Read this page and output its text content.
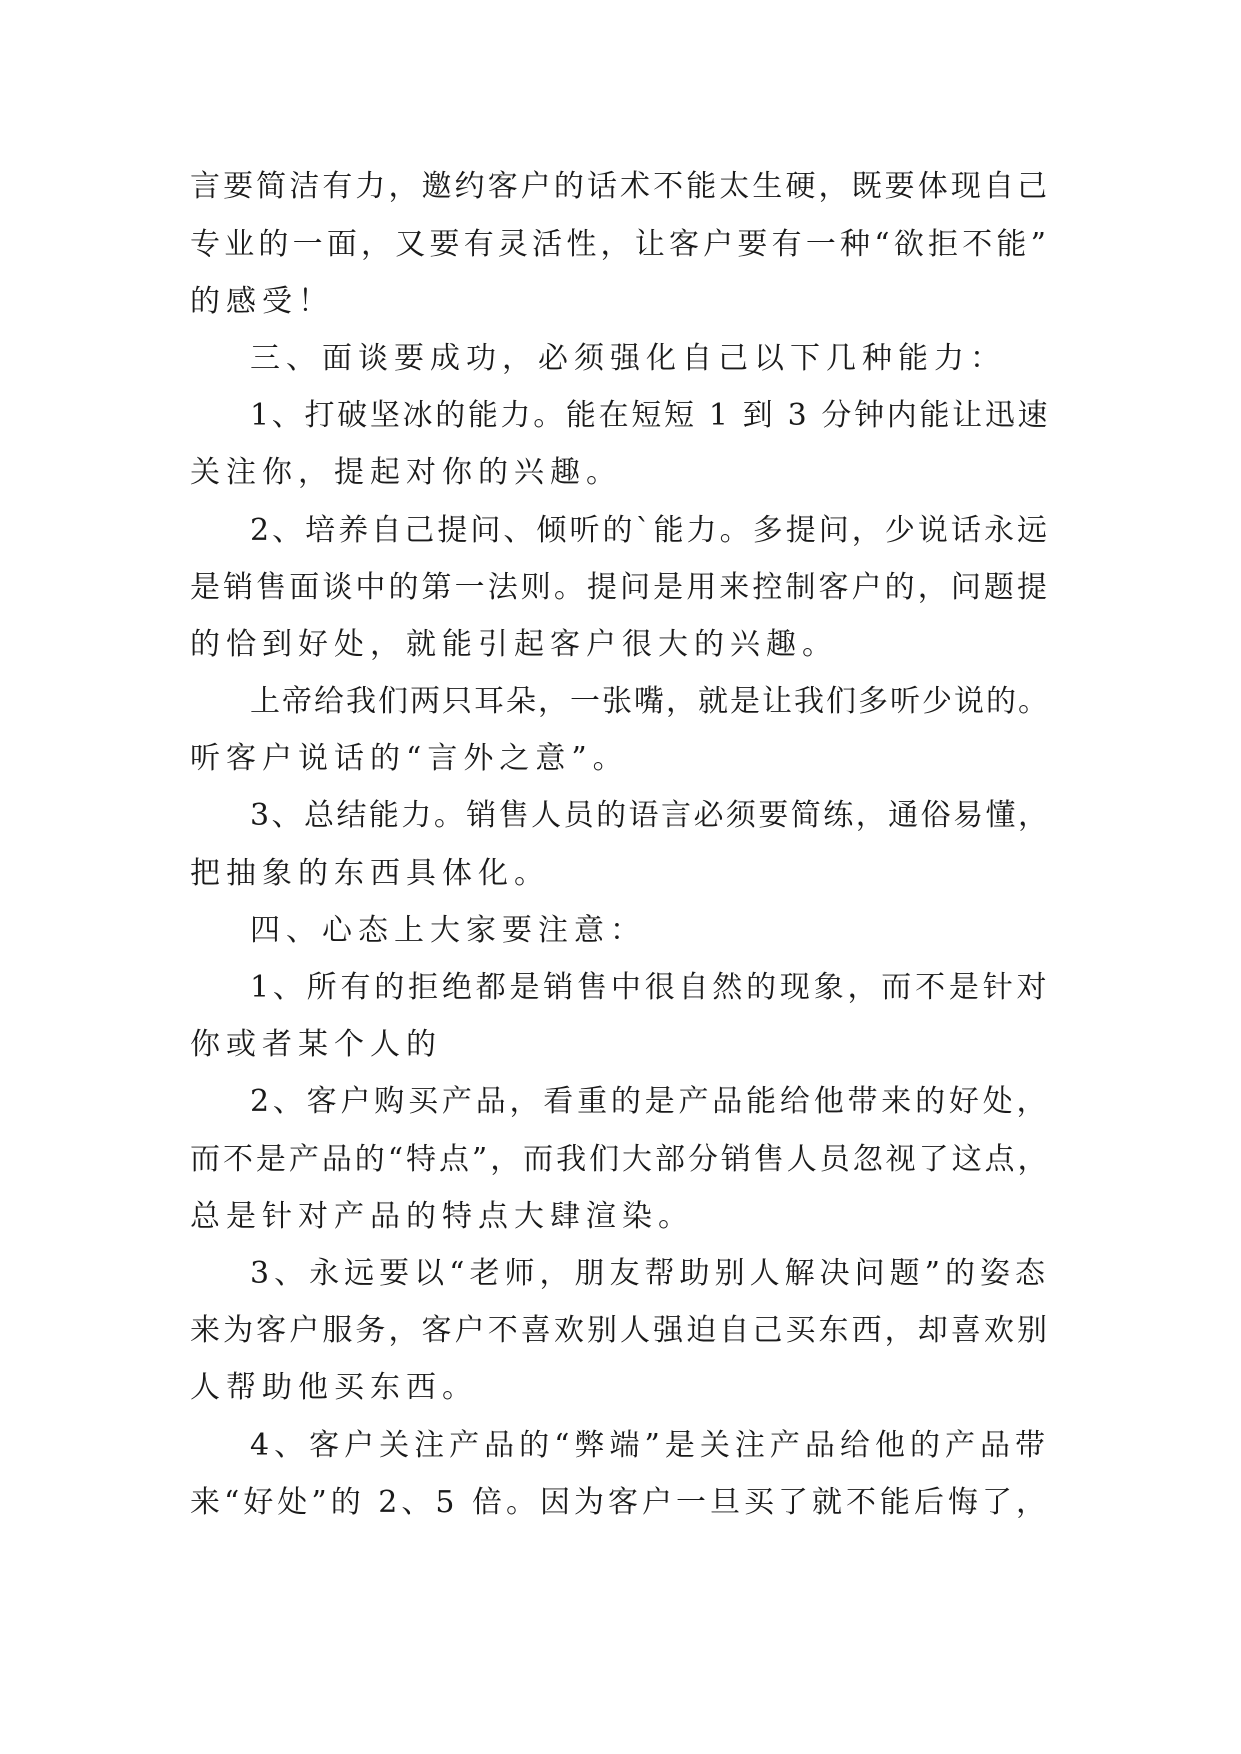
言要简洁有力，邀约客户的话术不能太生硬，既要体现自己
专业的一面，又要有灵活性，让客户要有一种“欲拒不能”
的感受！
三、面谈要成功，必须强化自己以下几种能力：
1、打破坚冰的能力。能在短短 1 到 3 分钟内能让迅速
关注你，提起对你的兴趣。
2、培养自己提问、倾听的`能力。多提问，少说话永远
是销售面谈中的第一法则。提问是用来控制客户的，问题提
的恰到好处，就能引起客户很大的兴趣。
上帝给我们两只耳朵，一张嘴，就是让我们多听少说的。
听客户说话的“言外之意”。
3、总结能力。销售人员的语言必须要简练，通俗易懂，
把抽象的东西具体化。
四、心态上大家要注意：
1、所有的拒绝都是销售中很自然的现象，而不是针对
你或者某个人的
2、客户购买产品，看重的是产品能给他带来的好处，
而不是产品的“特点”，而我们大部分销售人员忽视了这点，
总是针对产品的特点大肆渲染。
3、永远要以“老师，朋友帮助别人解决问题”的姿态
来为客户服务，客户不喜欢别人强迫自己买东西，却喜欢别
人帮助他买东西。
4、客户关注产品的“弊端”是关注产品给他的产品带
来“好处”的 2、5 倍。因为客户一旦买了就不能后悔了，
